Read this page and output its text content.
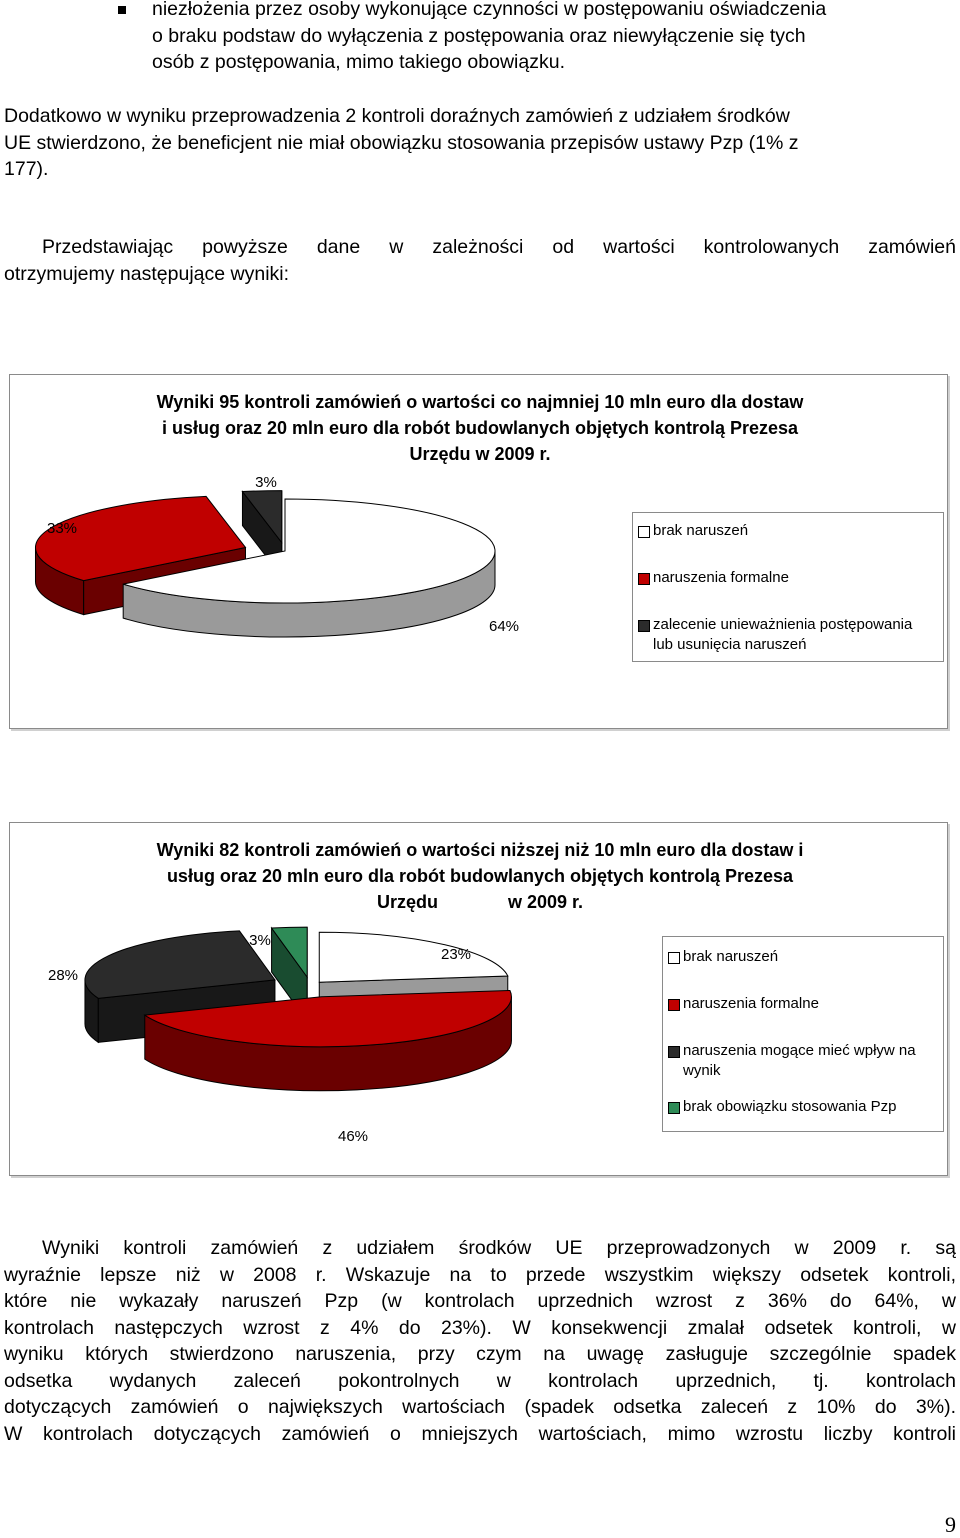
niezłożenia przez osoby wykonujące czynności w postępowaniu oświadczenia
o braku podstaw do wyłączenia z postępowania oraz niewyłączenie się tych
osób z postępowania, mimo takiego obowiązku.
Dodatkowo w wyniku przeprowadzenia 2 kontroli doraźnych zamówień z udziałem środków
UE stwierdzono, że beneficjent nie miał obowiązku stosowania przepisów ustawy Pzp (1% z
177).
Przedstawiając powyższe dane w zależności od wartości kontrolowanych zamówień
otrzymujemy następujące wyniki:
Wyniki 95 kontroli zamówień o wartości co najmniej 10 mln euro dla dostaw
i usług oraz 20 mln euro dla robót budowlanych objętych kontrolą Prezesa
Urzędu w 2009 r.
64%
33%
3%
brak naruszeń
naruszenia formalne
zalecenie unieważnienia postępowania
lub usunięcia naruszeń
Wyniki 82 kontroli zamówień o wartości niższej niż 10 mln euro dla dostaw i
usług oraz 20 mln euro dla robót budowlanych objętych kontrolą Prezesa
Urzędu              w 2009 r.
23%
46%
28%
3%
brak naruszeń
naruszenia formalne
naruszenia mogące mieć wpływ na
wynik
brak obowiązku stosowania Pzp
Wyniki kontroli zamówień z udziałem środków UE przeprowadzonych w 2009 r. są
wyraźnie lepsze niż w 2008 r. Wskazuje na to przede wszystkim większy odsetek kontroli,
które nie wykazały naruszeń Pzp (w kontrolach uprzednich wzrost z 36% do 64%, w
kontrolach następczych wzrost z 4% do 23%). W konsekwencji zmalał odsetek kontroli, w
wyniku których stwierdzono naruszenia, przy czym na uwagę zasługuje szczególnie spadek
odsetka wydanych zaleceń pokontrolnych w kontrolach uprzednich, tj. kontrolach
dotyczących zamówień o największych wartościach (spadek odsetka zaleceń z 10% do 3%).
W kontrolach dotyczących zamówień o mniejszych wartościach, mimo wzrostu liczby kontroli
9
